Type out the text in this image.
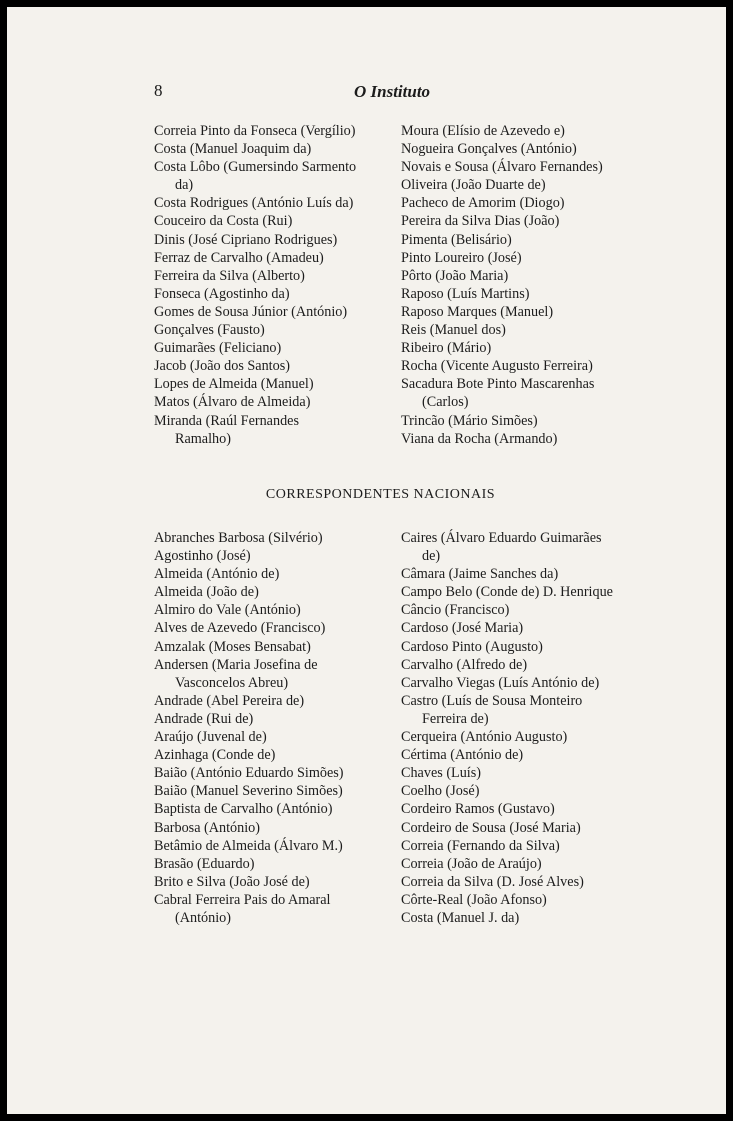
8	O Instituto

Correia Pinto da Fonseca (Vergílio)

Costa (Manuel Joaquim da)

Costa Lôbo (Gumersindo Sarmento

da)

Costa Rodrigues (António Luís da)

Couceiro da Costa (Rui)

Dinis (José Cipriano Rodrigues)

Ferraz de Carvalho (Amadeu)

Ferreira da Silva (Alberto)

Fonseca (Agostinho da)

Gomes de Sousa Júnior (António)

Gonçalves (Fausto)

Guimarães (Feliciano)

Jacob (João dos Santos)

Lopes de Almeida (Manuel)

Matos (Álvaro de Almeida)

Miranda (Raúl Fernandes

Ramalho)

Moura (Elísio de Azevedo e)

Nogueira Gonçalves (António)

Novais e Sousa (Álvaro Fernandes)

Oliveira (João Duarte de)

Pacheco de Amorim (Diogo)

Pereira da Silva Dias (João)

Pimenta (Belisário)

Pinto Loureiro (José)

Pôrto (João Maria)

Raposo (Luís Martins)

Raposo Marques (Manuel)

Reis (Manuel dos)

Ribeiro (Mário)

Rocha (Vicente Augusto Ferreira)

Sacadura Bote Pinto Mascarenhas

(Carlos)

Trincão (Mário Simões)

Viana da Rocha (Armando)

CORRESPONDENTES NACIONAIS

Abranches Barbosa (Silvério)

Agostinho (José)

Almeida (António de)

Almeida (João de)

Almiro do Vale (António)

Alves de Azevedo (Francisco)

Amzalak (Moses Bensabat)

Andersen (Maria Josefina de

Vasconcelos Abreu)

Andrade (Abel Pereira de)

Andrade (Rui de)

Araújo (Juvenal de)

Azinhaga (Conde de)

Baião (António Eduardo Simões)

Baião (Manuel Severino Simões)

Baptista de Carvalho (António)

Barbosa (António)

Betâmio de Almeida (Álvaro M.)

Brasão (Eduardo)

Brito e Silva (João José de)

Cabral Ferreira Pais do Amaral

(António)

Caires (Álvaro Eduardo Guimarães

de)

Câmara (Jaime Sanches da)

Campo Belo (Conde de) D. Henrique

Câncio (Francisco)

Cardoso (José Maria)

Cardoso Pinto (Augusto)

Carvalho (Alfredo de)

Carvalho Viegas (Luís António de)

Castro (Luís de Sousa Monteiro

Ferreira de)

Cerqueira (António Augusto)

Cértima (António de)

Chaves (Luís)

Coelho (José)

Cordeiro Ramos (Gustavo)

Cordeiro de Sousa (José Maria)

Correia (Fernando da Silva)

Correia (João de Araújo)

Correia da Silva (D. José Alves)

Côrte-Real (João Afonso)

Costa (Manuel J. da)
